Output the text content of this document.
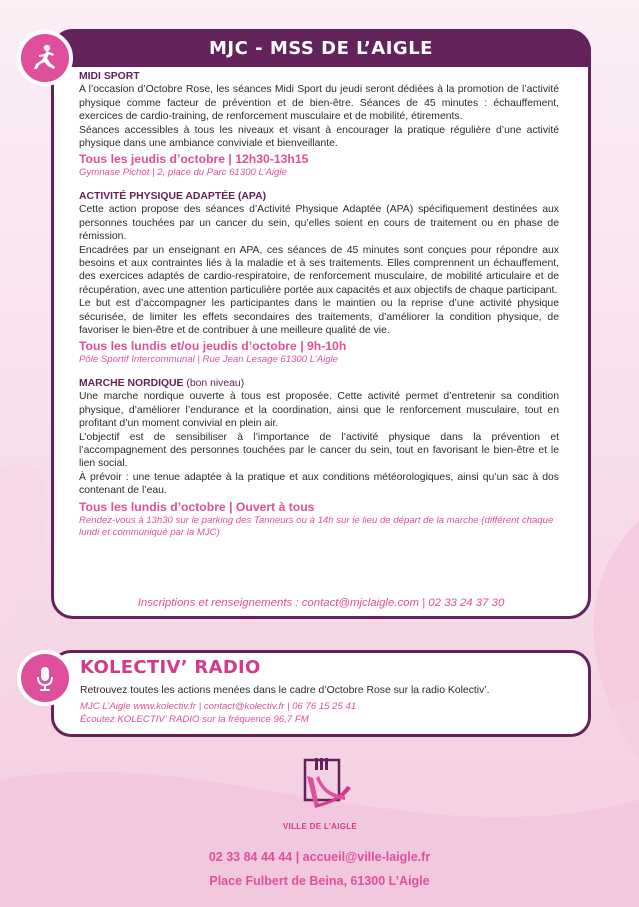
MJC - MSS DE L’AIGLE
MIDI SPORT

A l’occasion d’Octobre Rose, les séances Midi Sport du jeudi seront dédiées à la promotion de l’activité physique comme facteur de prévention et de bien-être. Séances de 45 minutes : échauffement, exercices de cardio-training, de renforcement musculaire et de mobilité, étirements.

Séances accessibles à tous les niveaux et visant à encourager la pratique régulière d’une activité physique dans une ambiance conviviale et bienveillante.

Tous les jeudis d’octobre | 12h30-13h15
Gymnase Pichot | 2, place du Parc 61300 L’Aigle
ACTIVITÉ PHYSIQUE ADAPTÉE (APA)

Cette action propose des séances d’Activité Physique Adaptée (APA) spécifiquement destinées aux personnes touchées par un cancer du sein, qu’elles soient en cours de traitement ou en phase de rémission.

Encadrées par un enseignant en APA, ces séances de 45 minutes sont conçues pour répondre aux besoins et aux contraintes liés à la maladie et à ses traitements. Elles comprennent un échauffement, des exercices adaptés de cardio-respiratoire, de renforcement musculaire, de mobilité articulaire et de récupération, avec une attention particulière portée aux capacités et aux objectifs de chaque participant.

Le but est d’accompagner les participantes dans le maintien ou la reprise d’une activité physique sécurisée, de limiter les effets secondaires des traitements, d’améliorer la condition physique, de favoriser le bien-être et de contribuer à une meilleure qualité de vie.

Tous les lundis et/ou jeudis d’octobre | 9h-10h
Pôle Sportif Intercommunal | Rue Jean Lesage 61300 L’Aigle
MARCHE NORDIQUE (bon niveau)

Une marche nordique ouverte à tous est proposée. Cette activité permet d’entretenir sa condition physique, d’améliorer l’endurance et la coordination, ainsi que le renforcement musculaire, tout en profitant d’un moment convivial en plein air.

L’objectif est de sensibiliser à l’importance de l’activité physique dans la prévention et l’accompagnement des personnes touchées par le cancer du sein, tout en favorisant le bien-être et le lien social.

À prévoir : une tenue adaptée à la pratique et aux conditions météorologiques, ainsi qu’un sac à dos contenant de l’eau.

Tous les lundis d’octobre | Ouvert à tous
Rendez-vous à 13h30 sur le parking des Tanneurs ou à 14h sur le lieu de départ de la marche (différent chaque lundi et communiqué par la MJC)
Inscriptions et renseignements : contact@mjclaigle.com | 02 33 24 37 30
KOLECTIV’ RADIO
Retrouvez toutes les actions menées dans le cadre d’Octobre Rose sur la radio Kolectiv’.
MJC L’Aigle www.kolectiv.fr | contact@kolectiv.fr | 06 76 15 25 41
Écoutez KOLECTIV’ RADIO sur la fréquence 96,7 FM
VILLE DE L’AIGLE
02 33 84 44 44 | accueil@ville-laigle.fr
Place Fulbert de Beina, 61300 L’Aigle
